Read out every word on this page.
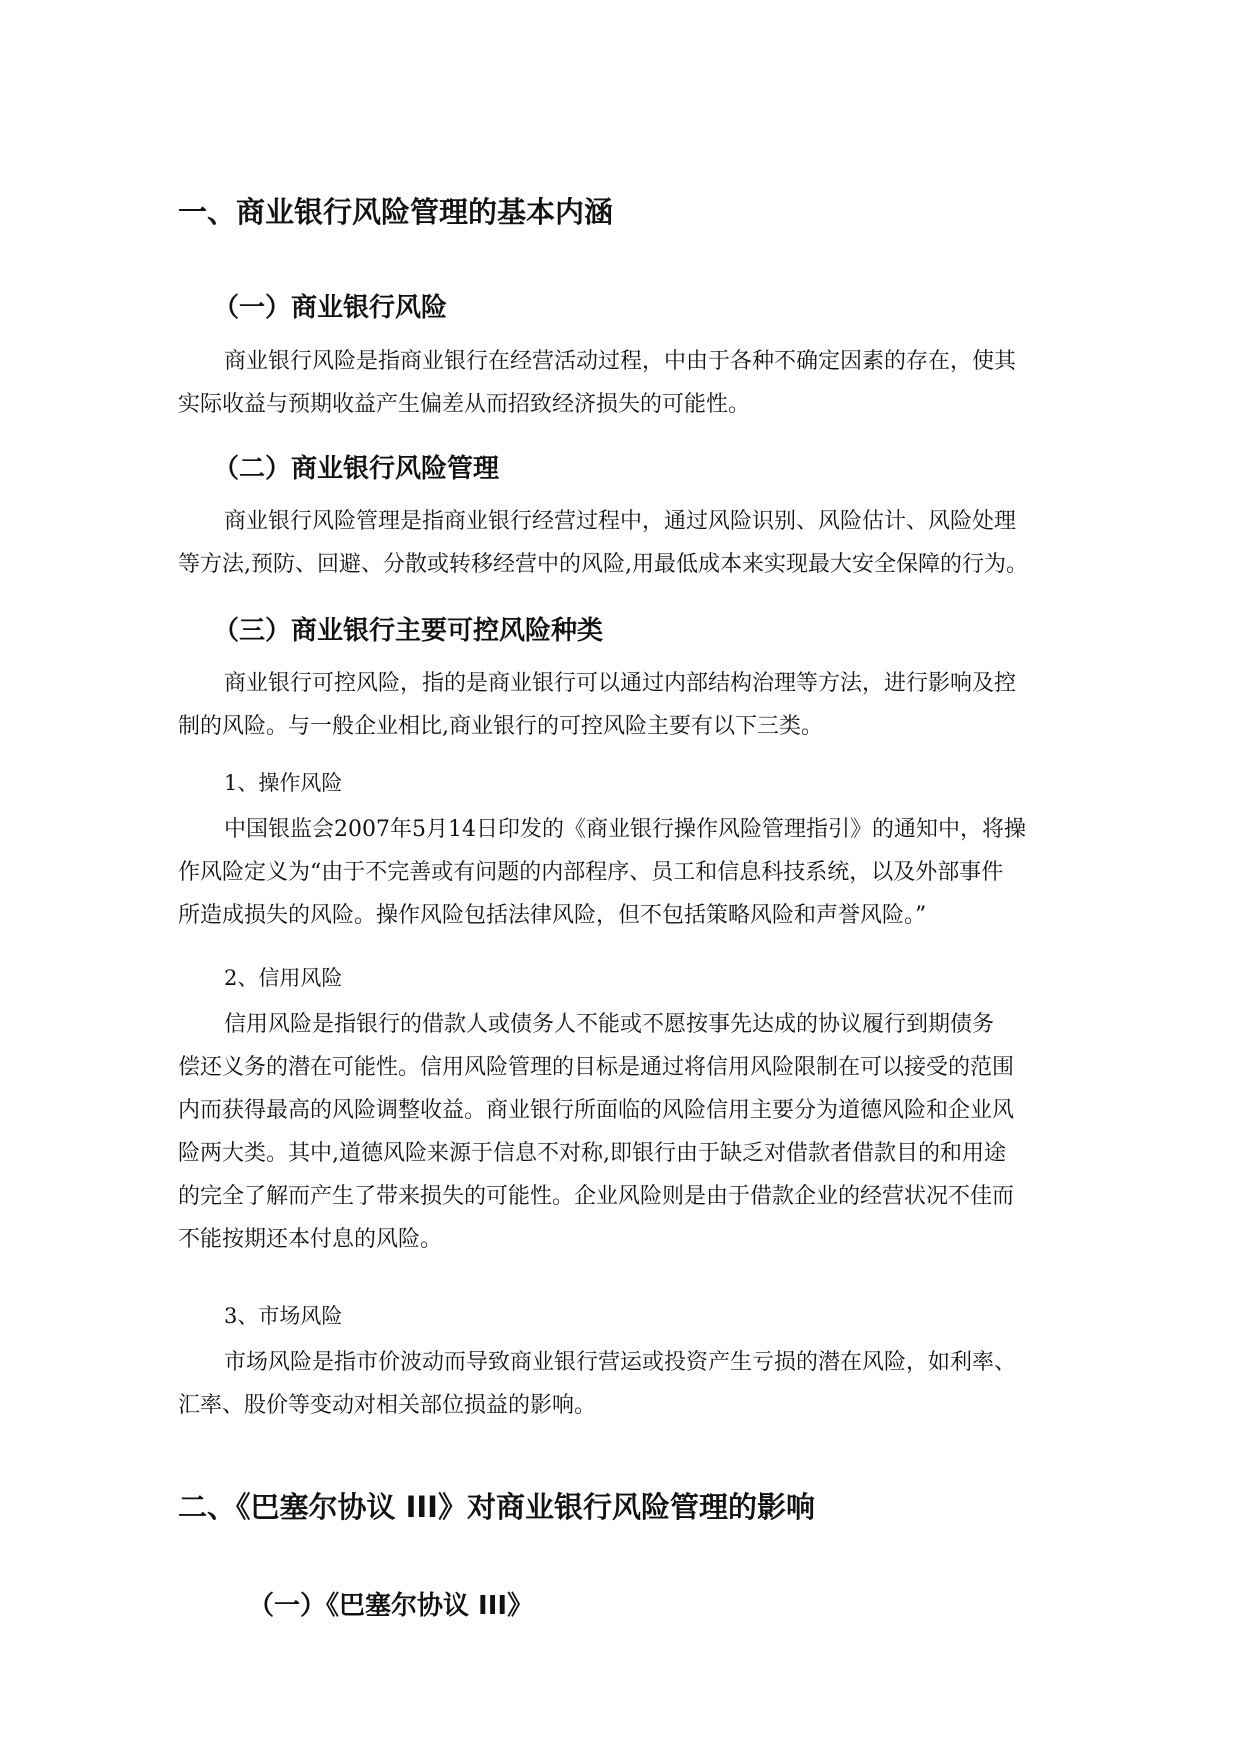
一、商业银行风险管理的基本内涵
（一）商业银行风险
商业银行风险是指商业银行在经营活动过程，中由于各种不确定因素的存在，使其
实际收益与预期收益产生偏差从而招致经济损失的可能性。
（二）商业银行风险管理
商业银行风险管理是指商业银行经营过程中，通过风险识别、风险估计、风险处理
等方法,预防、回避、分散或转移经营中的风险,用最低成本来实现最大安全保障的行为。
（三）商业银行主要可控风险种类
商业银行可控风险，指的是商业银行可以通过内部结构治理等方法，进行影响及控
制的风险。与一般企业相比,商业银行的可控风险主要有以下三类。
1、操作风险
中国银监会2007年5月14日印发的《商业银行操作风险管理指引》的通知中，将操
作风险定义为“由于不完善或有问题的内部程序、员工和信息科技系统，以及外部事件
所造成损失的风险。操作风险包括法律风险，但不包括策略风险和声誉风险。”
2、信用风险
信用风险是指银行的借款人或债务人不能或不愿按事先达成的协议履行到期债务
偿还义务的潜在可能性。信用风险管理的目标是通过将信用风险限制在可以接受的范围
内而获得最高的风险调整收益。商业银行所面临的风险信用主要分为道德风险和企业风
险两大类。其中,道德风险来源于信息不对称,即银行由于缺乏对借款者借款目的和用途
的完全了解而产生了带来损失的可能性。企业风险则是由于借款企业的经营状况不佳而
不能按期还本付息的风险。
3、市场风险
市场风险是指市价波动而导致商业银行营运或投资产生亏损的潜在风险，如利率、
汇率、股价等变动对相关部位损益的影响。
二、《巴塞尔协议 III》对商业银行风险管理的影响
（一）《巴塞尔协议 III》
